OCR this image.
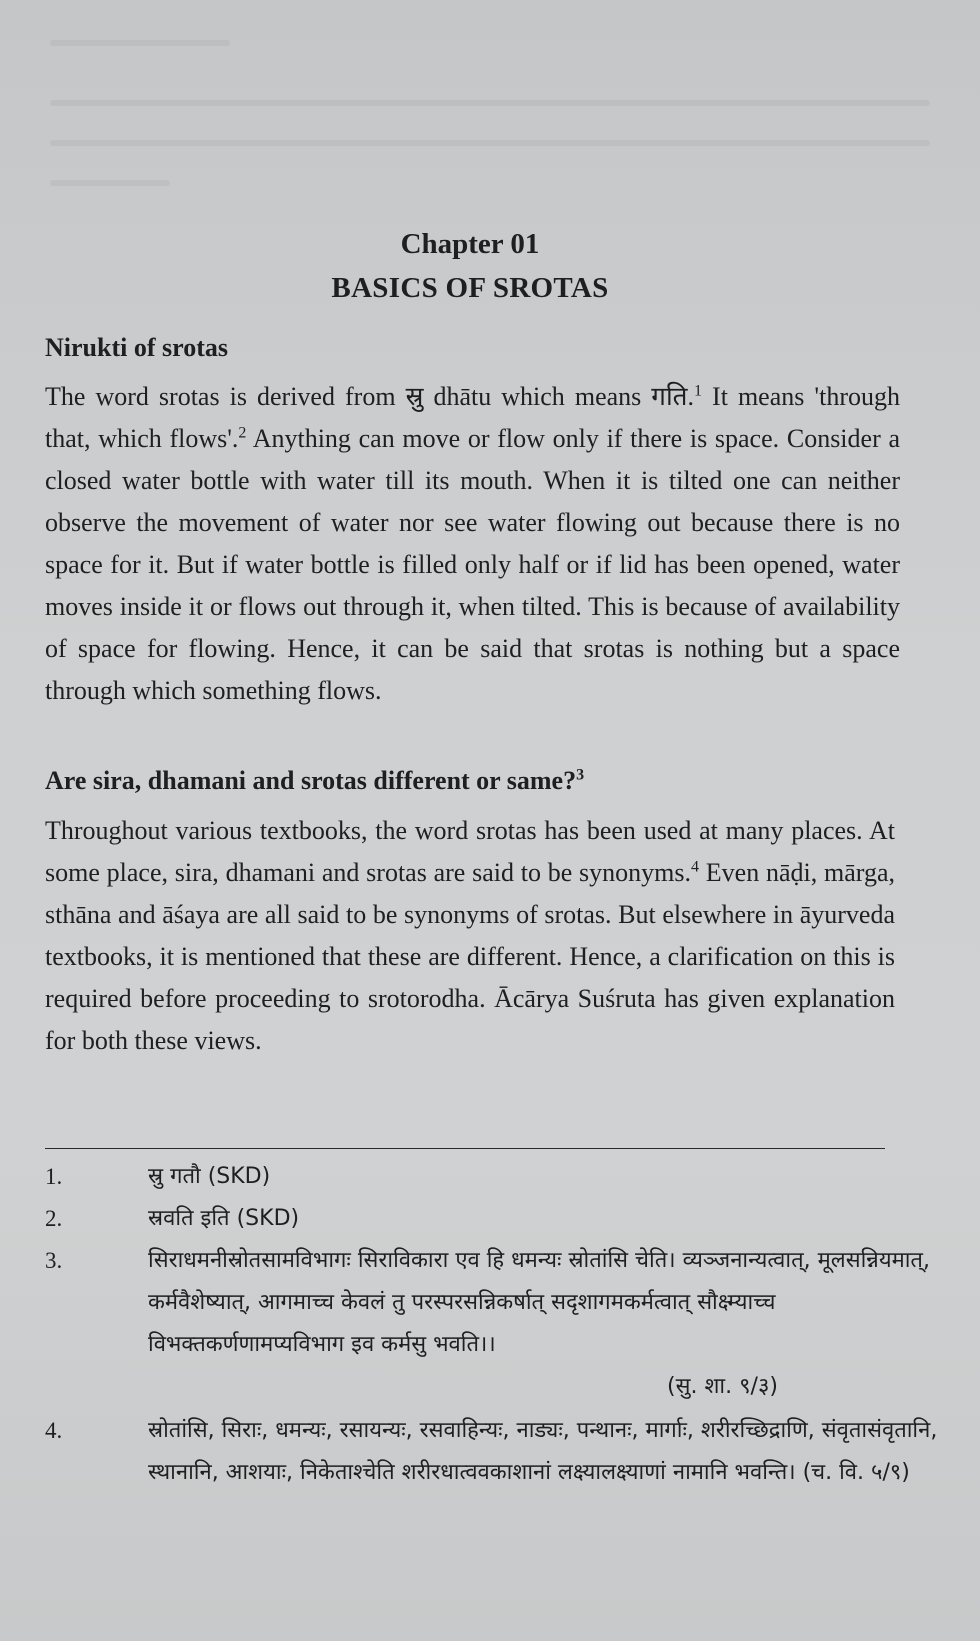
Chapter 01
BASICS OF SROTAS
Nirukti of srotas
The word srotas is derived from स्रु dhātu which means गति.$^1$ It means 'through that, which flows'.$^2$ Anything can move or flow only if there is space. Consider a closed water bottle with water till its mouth. When it is tilted one can neither observe the movement of water nor see water flowing out because there is no space for it. But if water bottle is filled only half or if lid has been opened, water moves inside it or flows out through it, when tilted. This is because of availability of space for flowing. Hence, it can be said that srotas is nothing but a space through which something flows.
Are sira, dhamani and srotas different or same?$^3$
Throughout various textbooks, the word srotas has been used at many places. At some place, sira, dhamani and srotas are said to be synonyms.$^4$ Even nāḍi, mārga, sthāna and āśaya are all said to be synonyms of srotas. But elsewhere in āyurveda textbooks, it is mentioned that these are different. Hence, a clarification on this is required before proceeding to srotorodha. Ācārya Suśruta has given explanation for both these views.
1.	स्रु गतौ (SKD)
2.	स्रवति इति (SKD)
3.	सिराधमनीस्रोतसामविभागः सिराविकारा एव हि धमन्यः स्रोतांसि चेति। व्यञ्जनान्यत्वात्, मूलसन्नियमात्, कर्मवैशेष्यात्, आगमाच्च केवलं तु परस्परसन्निकर्षात् सदृशागमकर्मत्वात् सौक्ष्म्याच्च विभक्तकर्णणामप्यविभाग इव कर्मसु भवति।।
(सु. शा. ९/३)
4.	स्रोतांसि, सिराः, धमन्यः, रसायन्यः, रसवाहिन्यः, नाड्यः, पन्थानः, मार्गाः, शरीरच्छिद्राणि, संवृतासंवृतानि, स्थानानि, आशयाः, निकेताश्चेति शरीरधात्ववकाशानां लक्ष्यालक्ष्याणां नामानि भवन्ति। (च. वि. ५/९)
